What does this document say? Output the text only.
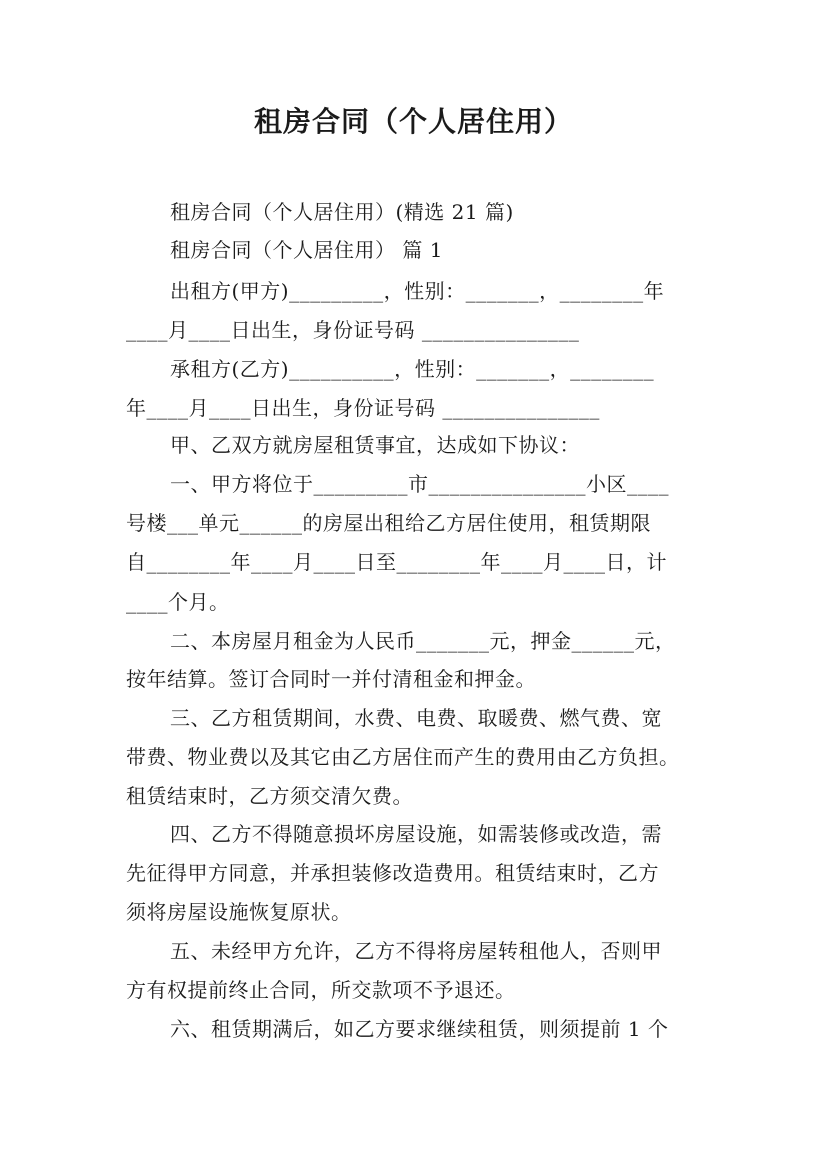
租房合同（个人居住用）

租房合同（个人居住用）(精选 21 篇)

租房合同（个人居住用） 篇 1

出租方(甲方)_________，性别：_______，________年

____月____日出生，身份证号码 _______________

承租方(乙方)__________，性别：_______，________

年____月____日出生，身份证号码 _______________

甲、乙双方就房屋租赁事宜，达成如下协议：

一、甲方将位于_________市_______________小区____

号楼___单元______的房屋出租给乙方居住使用，租赁期限

自________年____月____日至________年____月____日，计

____个月。

二、本房屋月租金为人民币_______元，押金______元，

按年结算。签订合同时一并付清租金和押金。

三、乙方租赁期间，水费、电费、取暖费、燃气费、宽

带费、物业费以及其它由乙方居住而产生的费用由乙方负担。

租赁结束时，乙方须交清欠费。

四、乙方不得随意损坏房屋设施，如需装修或改造，需

先征得甲方同意，并承担装修改造费用。租赁结束时，乙方

须将房屋设施恢复原状。

五、未经甲方允许，乙方不得将房屋转租他人，否则甲

方有权提前终止合同，所交款项不予退还。

六、租赁期满后，如乙方要求继续租赁，则须提前 1 个
